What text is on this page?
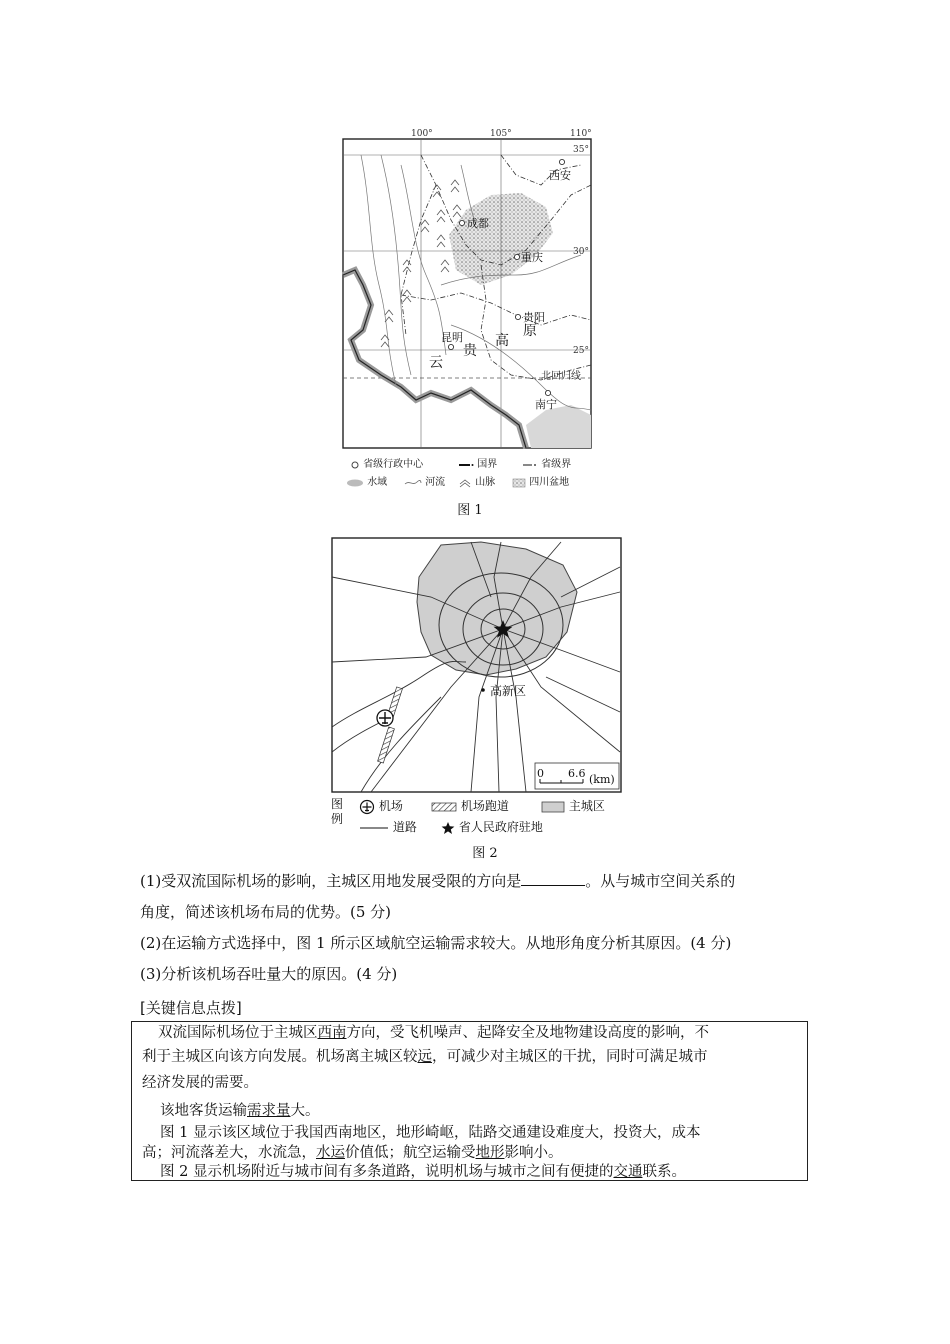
100°	105°	110°
35°
30°
25°
西安
成都
重庆
贵阳
昆明
南宁
云
贵
高
原
北回归线
省级行政中心	国界	省级界
水域	河流	山脉	四川盆地
图 1
高新区
0 6.6 (km)
图例
机场	机场跑道	主城区
道路	省人民政府驻地
图 2
(1)受双流国际机场的影响，主城区用地发展受限的方向是	。从与城市空间关系的
角度，简述该机场布局的优势。(5 分)
(2)在运输方式选择中，图 1 所示区域航空运输需求较大。从地形角度分析其原因。(4 分)
(3)分析该机场吞吐量大的原因。(4 分)
[关键信息点拨]

双流国际机场位于主城区西南方向，受飞机噪声、起降安全及地物建设高度的影响，不

利于主城区向该方向发展。机场离主城区较远，可减少对主城区的干扰，同时可满足城市

经济发展的需要。

该地客货运输需求量大。

图 1 显示该区域位于我国西南地区，地形崎岖，陆路交通建设难度大，投资大，成本

高；河流落差大，水流急，水运价值低；航空运输受地形影响小。

图 2 显示机场附近与城市间有多条道路，说明机场与城市之间有便捷的交通联系。
